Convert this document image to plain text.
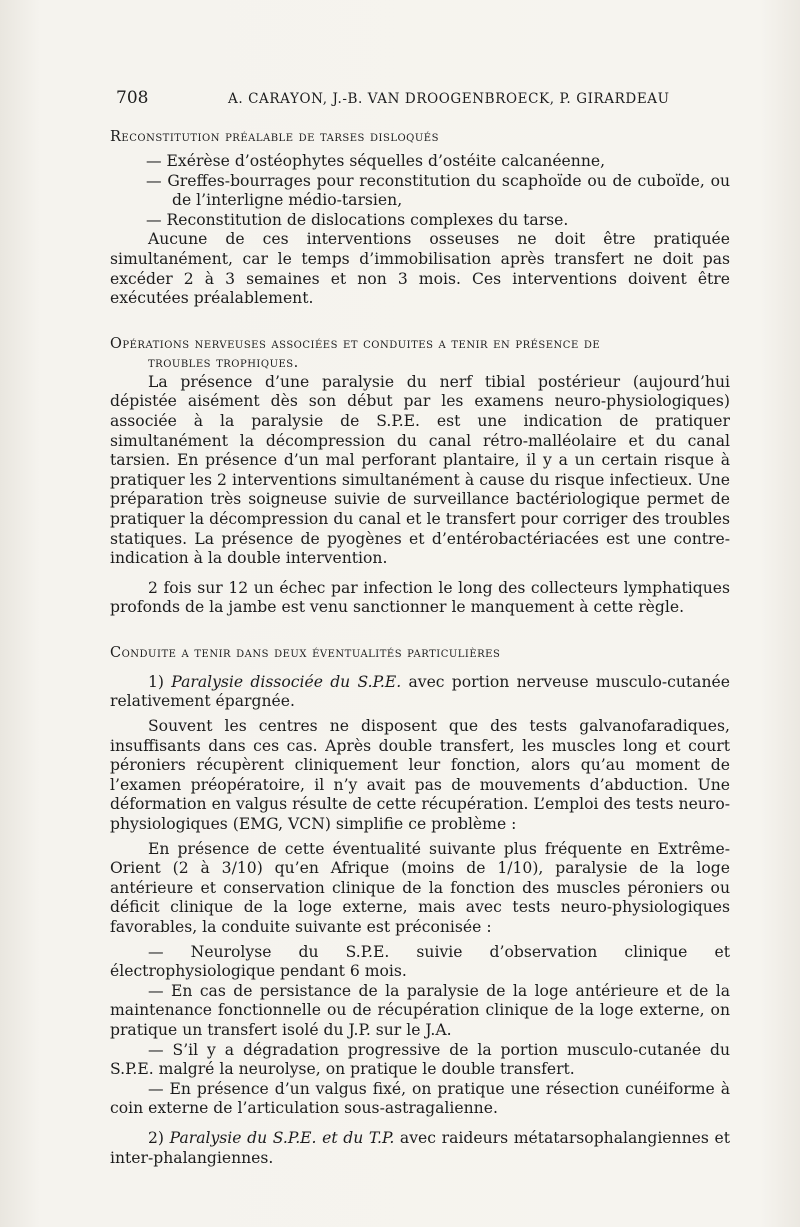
708	A. CARAYON, J.-B. VAN DROOGENBROECK, P. GIRARDEAU

Reconstitution préalable de tarses disloqués

— Exérèse d’ostéophytes séquelles d’ostéite calcanéenne,

— Greffes-bourrages pour reconstitution du scaphoïde ou de cuboïde, ou de l’interligne médio-tarsien,

— Reconstitution de dislocations complexes du tarse.

Aucune de ces interventions osseuses ne doit être pratiquée simultanément, car le temps d’immobilisation après transfert ne doit pas excéder 2 à 3 semaines et non 3 mois. Ces interventions doivent être exécutées préalablement.

Opérations nerveuses associées et conduites a tenir en présence de

troubles trophiques.

La présence d’une paralysie du nerf tibial postérieur (aujourd’hui dépistée aisément dès son début par les examens neuro-physiologiques) associée à la paralysie de S.P.E. est une indication de pratiquer simultanément la décompression du canal rétro-malléolaire et du canal tarsien. En présence d’un mal perforant plantaire, il y a un certain risque à pratiquer les 2 interventions simultanément à cause du risque infectieux. Une préparation très soigneuse suivie de surveillance bactériologique permet de pratiquer la décompression du canal et le transfert pour corriger des troubles statiques. La présence de pyogènes et d’entérobactériacées est une contre-indication à la double intervention.

2 fois sur 12 un échec par infection le long des collecteurs lymphatiques profonds de la jambe est venu sanctionner le manquement à cette règle.

Conduite a tenir dans deux éventualités particulières

1) Paralysie dissociée du S.P.E. avec portion nerveuse musculo-cutanée relativement épargnée.

Souvent les centres ne disposent que des tests galvanofaradiques, insuffisants dans ces cas. Après double transfert, les muscles long et court péroniers récupèrent cliniquement leur fonction, alors qu’au moment de l’examen préopératoire, il n’y avait pas de mouvements d’abduction. Une déformation en valgus résulte de cette récupération. L’emploi des tests neuro-physiologiques (EMG, VCN) simplifie ce problème :

En présence de cette éventualité suivante plus fréquente en Extrême-Orient (2 à 3/10) qu’en Afrique (moins de 1/10), paralysie de la loge antérieure et conservation clinique de la fonction des muscles péroniers ou déficit clinique de la loge externe, mais avec tests neuro-physiologiques favorables, la conduite suivante est préconisée :

— Neurolyse du S.P.E. suivie d’observation clinique et électrophysiologique pendant 6 mois.

— En cas de persistance de la paralysie de la loge antérieure et de la maintenance fonctionnelle ou de récupération clinique de la loge externe, on pratique un transfert isolé du J.P. sur le J.A.

— S’il y a dégradation progressive de la portion musculo-cutanée du S.P.E. malgré la neurolyse, on pratique le double transfert.

— En présence d’un valgus fixé, on pratique une résection cunéiforme à coin externe de l’articulation sous-astragalienne.

2) Paralysie du S.P.E. et du T.P. avec raideurs métatarsophalangiennes et inter-phalangiennes.
